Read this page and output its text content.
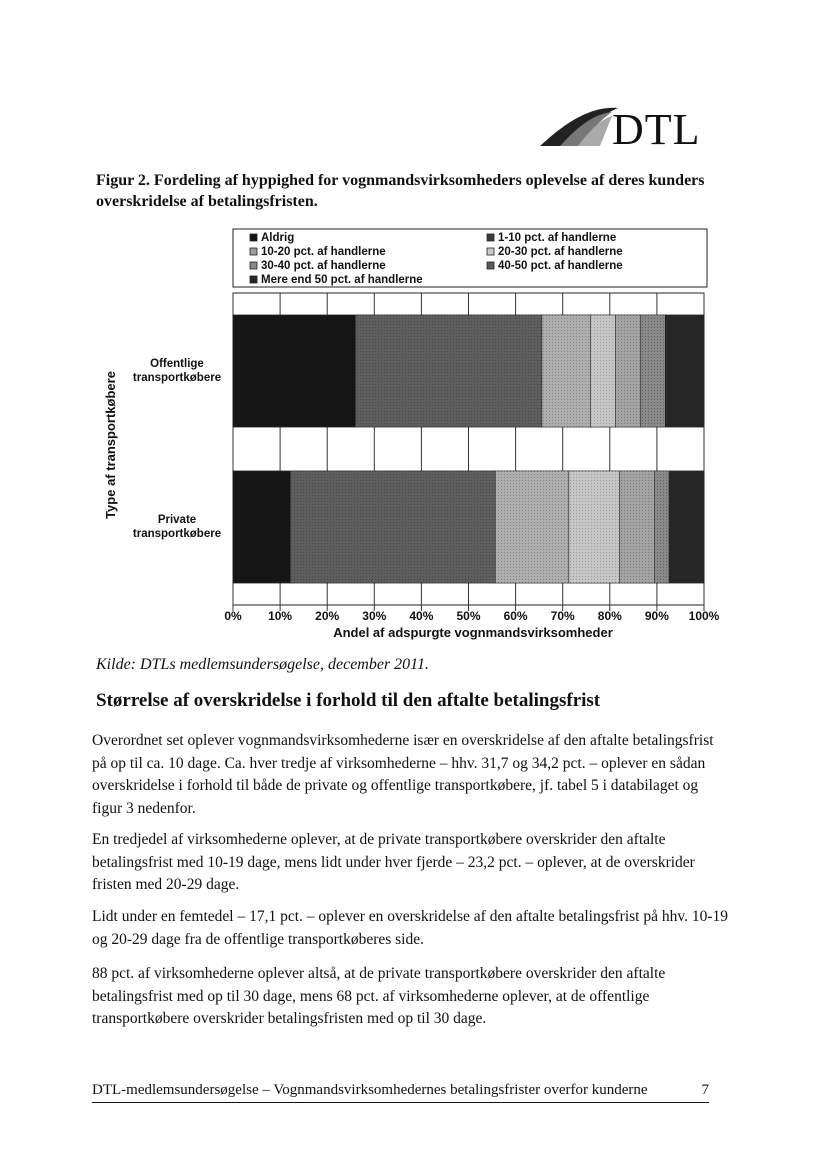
DTL
Figur 2. Fordeling af hyppighed for vognmandsvirksomheders oplevelse af deres kunders overskridelse af betalingsfristen.
Aldrig	1-10 pct. af handlerne
10-20 pct. af handlerne	20-30 pct. af handlerne
30-40 pct. af handlerne	40-50 pct. af handlerne
Mere end 50 pct. af handlerne
0% 10% 20% 30% 40% 50% 60% 70% 80% 90% 100%
Offentlige transportkøbere
Private transportkøbere
Andel af adspurgte vognmandsvirksomheder
Type af transportkøbere
Kilde: DTLs medlemsundersøgelse, december 2011.
Størrelse af overskridelse i forhold til den aftalte betalingsfrist

Overordnet set oplever vognmandsvirksomhederne især en overskridelse af den aftalte betalingsfrist på op til ca. 10 dage. Ca. hver tredje af virksomhederne – hhv. 31,7 og 34,2 pct. – oplever en sådan overskridelse i forhold til både de private og offentlige transportkøbere, jf. tabel 5 i databilaget og figur 3 nedenfor.

En tredjedel af virksomhederne oplever, at de private transportkøbere overskrider den aftalte betalingsfrist med 10-19 dage, mens lidt under hver fjerde – 23,2 pct. – oplever, at de overskrider fristen med 20-29 dage.

Lidt under en femtedel – 17,1 pct. – oplever en overskridelse af den aftalte betalingsfrist på hhv. 10-19 og 20-29 dage fra de offentlige transportkøberes side.

88 pct. af virksomhederne oplever altså, at de private transportkøbere overskrider den aftalte betalingsfrist med op til 30 dage, mens 68 pct. af virksomhederne oplever, at de offentlige transportkøbere overskrider betalingsfristen med op til 30 dage.

DTL-medlemsundersøgelse – Vognmandsvirksomhedernes betalingsfrister overfor kunderne	7
